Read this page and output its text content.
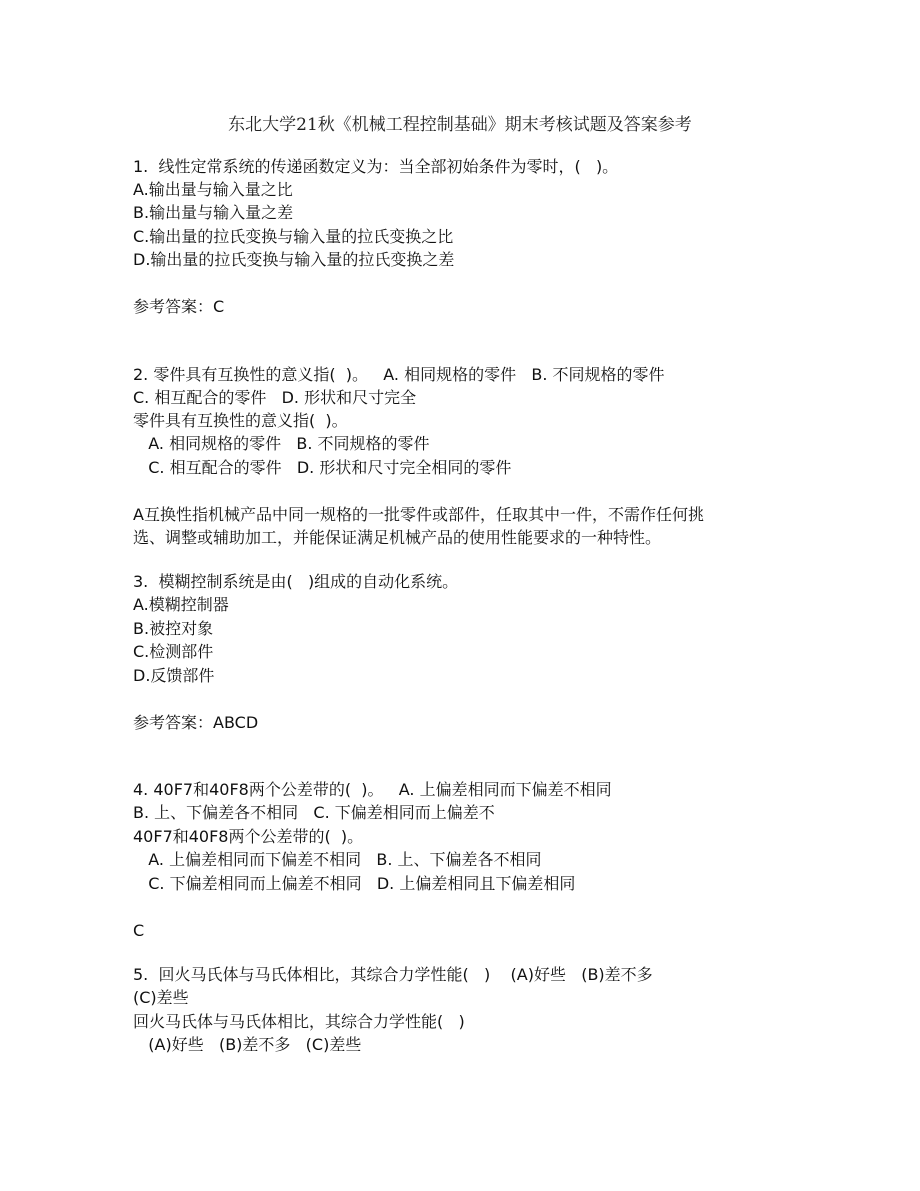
东北大学21秋《机械工程控制基础》期末考核试题及答案参考
1.  线性定常系统的传递函数定义为：当全部初始条件为零时，(   )。
A.输出量与输入量之比
B.输出量与输入量之差
C.输出量的拉氏变换与输入量的拉氏变换之比
D.输出量的拉氏变换与输入量的拉氏变换之差
参考答案：C
2. 零件具有互换性的意义指(  )。   A. 相同规格的零件   B. 不同规格的零件
C. 相互配合的零件   D. 形状和尺寸完全
零件具有互换性的意义指(  )。
A. 相同规格的零件   B. 不同规格的零件
C. 相互配合的零件   D. 形状和尺寸完全相同的零件
A互换性指机械产品中同一规格的一批零件或部件，任取其中一件，不需作任何挑
选、调整或辅助加工，并能保证满足机械产品的使用性能要求的一种特性。
3.  模糊控制系统是由(   )组成的自动化系统。
A.模糊控制器
B.被控对象
C.检测部件
D.反馈部件
参考答案：ABCD
4. 40F7和40F8两个公差带的(  )。   A. 上偏差相同而下偏差不相同
B. 上、下偏差各不相同   C. 下偏差相同而上偏差不
40F7和40F8两个公差带的(  )。
A. 上偏差相同而下偏差不相同   B. 上、下偏差各不相同
C. 下偏差相同而上偏差不相同   D. 上偏差相同且下偏差相同
C
5.  回火马氏体与马氏体相比，其综合力学性能(   )    (A)好些   (B)差不多
(C)差些
回火马氏体与马氏体相比，其综合力学性能(   )
(A)好些   (B)差不多   (C)差些
